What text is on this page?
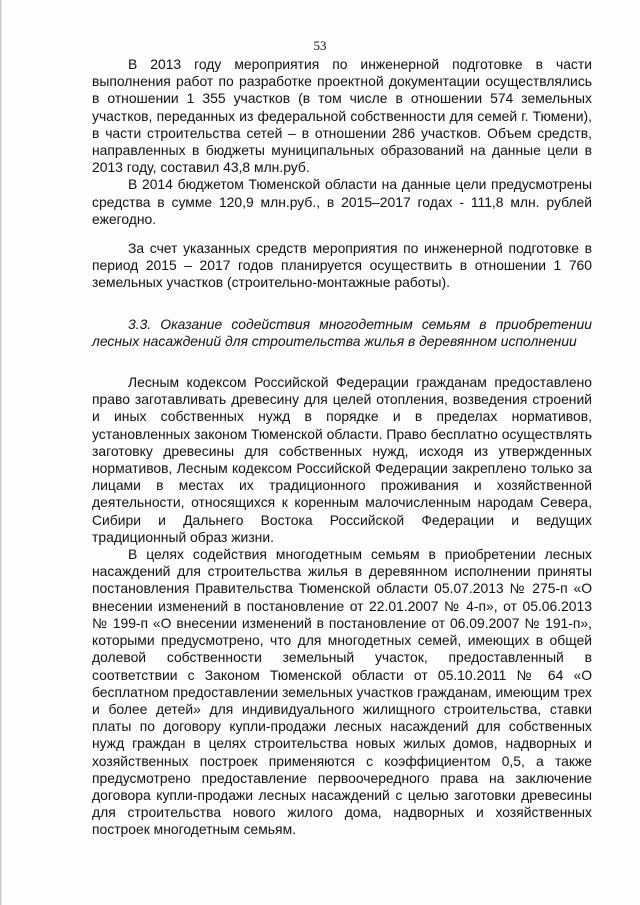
53

В 2013 году мероприятия по инженерной подготовке в части выполнения работ по разработке проектной документации осуществлялись в отношении 1 355 участков (в том числе в отношении 574 земельных участков, переданных из федеральной собственности для семей г. Тюмени), в части строительства сетей – в отношении 286 участков. Объем средств, направленных в бюджеты муниципальных образований на данные цели в 2013 году, составил 43,8 млн.руб.

В 2014 бюджетом Тюменской области на данные цели предусмотрены средства в сумме 120,9 млн.руб., в 2015–2017 годах - 111,8 млн. рублей ежегодно.

За счет указанных средств мероприятия по инженерной подготовке в период 2015 – 2017 годов планируется осуществить в отношении 1 760 земельных участков (строительно-монтажные работы).

3.3. Оказание содействия многодетным семьям в приобретении лесных насаждений для строительства жилья в деревянном исполнении

Лесным кодексом Российской Федерации гражданам предоставлено право заготавливать древесину для целей отопления, возведения строений и иных собственных нужд в порядке и в пределах нормативов, установленных законом Тюменской области. Право бесплатно осуществлять заготовку древесины для собственных нужд, исходя из утвержденных нормативов, Лесным кодексом Российской Федерации закреплено только за лицами в местах их традиционного проживания и хозяйственной деятельности, относящихся к коренным малочисленным народам Севера, Сибири и Дальнего Востока Российской Федерации и ведущих традиционный образ жизни.

В целях содействия многодетным семьям в приобретении лесных насаждений для строительства жилья в деревянном исполнении приняты постановления Правительства Тюменской области 05.07.2013 № 275-п «О внесении изменений в постановление от 22.01.2007 № 4-п», от 05.06.2013 № 199-п «О внесении изменений в постановление от 06.09.2007 № 191-п», которыми предусмотрено, что для многодетных семей, имеющих в общей долевой собственности земельный участок, предоставленный в соответствии с Законом Тюменской области от 05.10.2011 № 64 «О бесплатном предоставлении земельных участков гражданам, имеющим трех и более детей» для индивидуального жилищного строительства, ставки платы по договору купли-продажи лесных насаждений для собственных нужд граждан в целях строительства новых жилых домов, надворных и хозяйственных построек применяются с коэффициентом 0,5, а также предусмотрено предоставление первоочередного права на заключение договора купли-продажи лесных насаждений с целью заготовки древесины для строительства нового жилого дома, надворных и хозяйственных построек многодетным семьям.
